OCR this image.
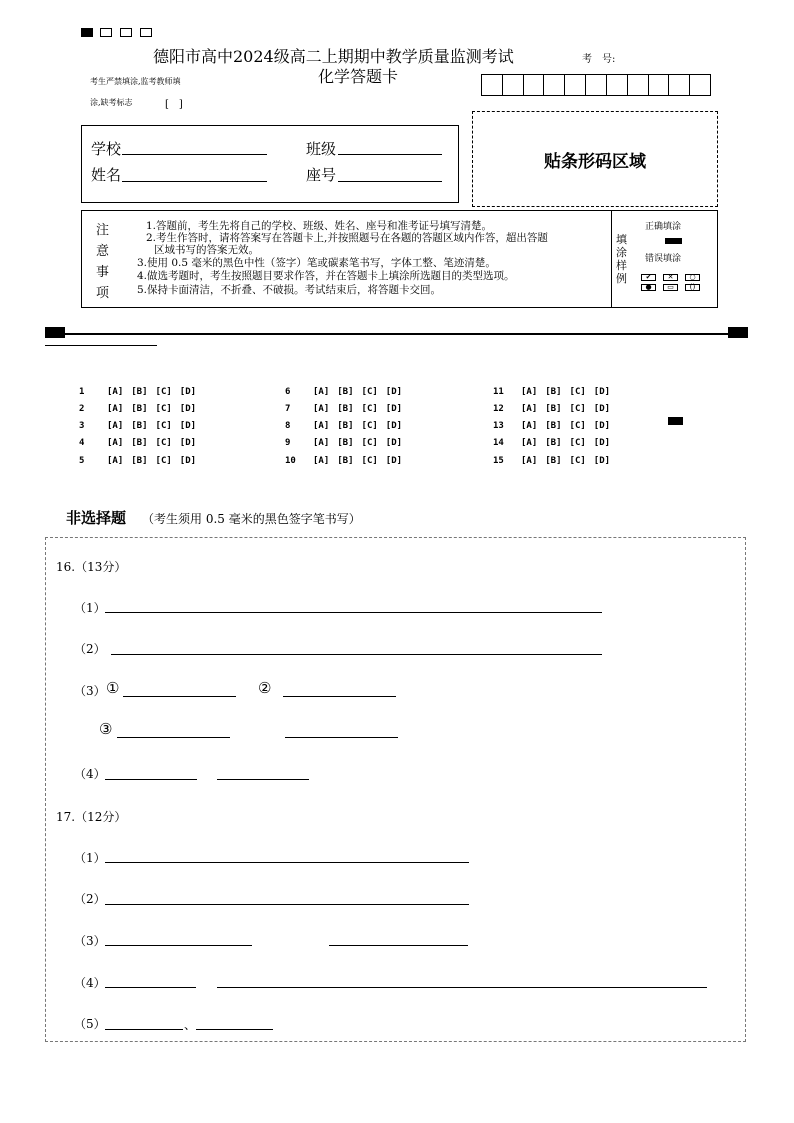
德阳市高中2024级高二上期期中教学质量监测考试
化学答题卡
考　号:
考生严禁填涂,监考教师填
涂,缺考标志	[　]
学校	班级
姓名	座号
贴条形码区域
注
意
事
项
1.答题前，考生先将自己的学校、班级、姓名、座号和准考证号填写清楚。
2.考生作答时，请将答案写在答题卡上,并按照题号在各题的答题区域内作答，超出答题
区域书写的答案无效。
3.使用 0.5 毫米的黑色中性（签字）笔或碳素笔书写，字体工整、笔迹清楚。
4.做选考题时，考生按照题目要求作答，并在答题卡上填涂所选题目的类型选项。
5.保持卡面清洁，不折叠、不破损。考试结束后，将答题卡交回。
填
涂
样
例
正确填涂
错误填涂
✔	✕	○
●	▭	()
1	[A] [B] [C] [D]
2	[A] [B] [C] [D]
3	[A] [B] [C] [D]
4	[A] [B] [C] [D]
5	[A] [B] [C] [D]
6	[A] [B] [C] [D]
7	[A] [B] [C] [D]
8	[A] [B] [C] [D]
9	[A] [B] [C] [D]
10 [A] [B] [C] [D]
11 [A] [B] [C] [D]
12 [A] [B] [C] [D]
13 [A] [B] [C] [D]
14 [A] [B] [C] [D]
15 [A] [B] [C] [D]
非选择题 （考生须用 0.5 毫米的黑色签字笔书写）
16.（13分）
（1）
（2）
（3） ①	②
③
（4）
17.（12分）
（1）
（2）
（3）
（4）
（5）	、
